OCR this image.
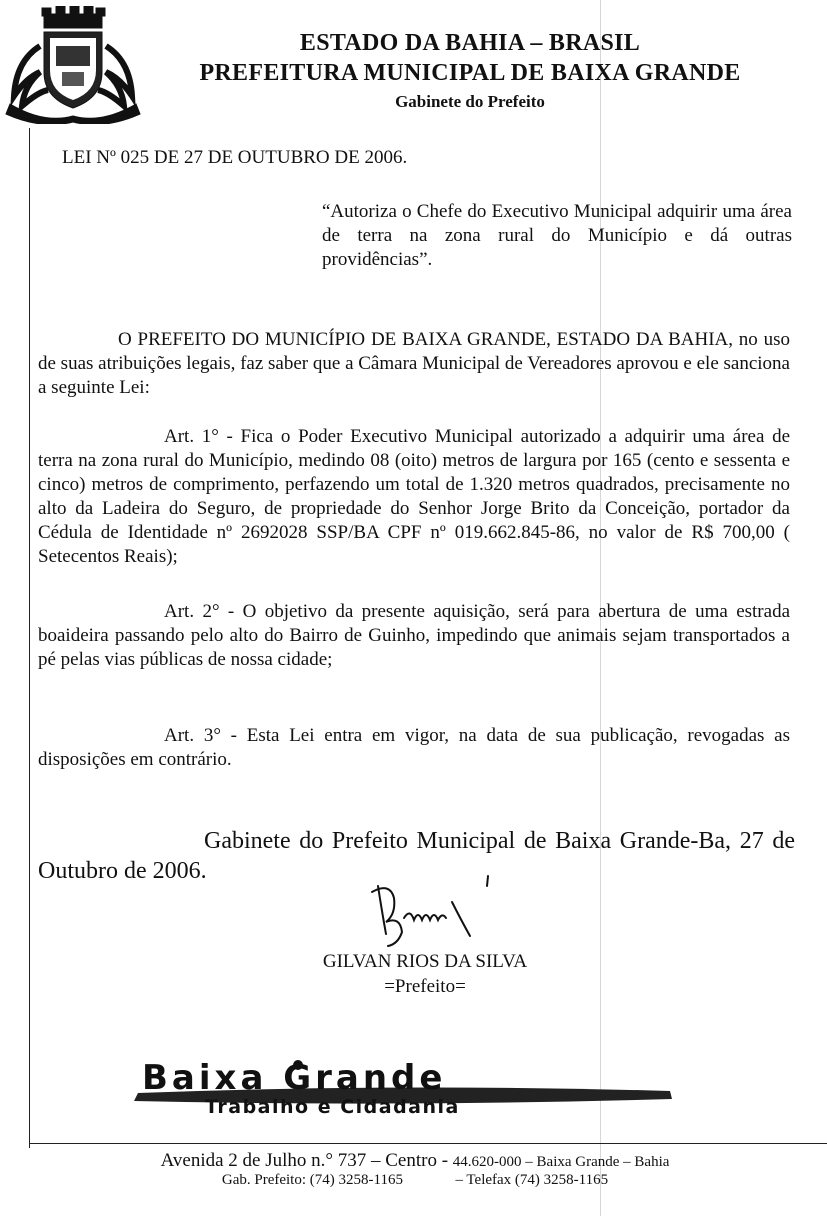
ESTADO DA BAHIA – BRASIL
PREFEITURA MUNICIPAL DE BAIXA GRANDE
Gabinete do Prefeito
LEI Nº 025 DE 27 DE OUTUBRO DE 2006.
“Autoriza o Chefe do Executivo Municipal adquirir uma área de terra na zona rural do Município e dá outras providências”.
O PREFEITO DO MUNICÍPIO DE BAIXA GRANDE, ESTADO DA BAHIA, no uso de suas atribuições legais, faz saber que a Câmara Municipal de Vereadores aprovou e ele sanciona a seguinte Lei:
Art. 1° - Fica o Poder Executivo Municipal autorizado a adquirir uma área de terra na zona rural do Município, medindo 08 (oito) metros de largura por 165 (cento e sessenta e cinco) metros de comprimento, perfazendo um total de 1.320 metros quadrados, precisamente no alto da Ladeira do Seguro, de propriedade do Senhor Jorge Brito da Conceição, portador da Cédula de Identidade nº 2692028 SSP/BA CPF nº 019.662.845-86, no valor de R$ 700,00 ( Setecentos Reais);
Art. 2° - O objetivo da presente aquisição, será para abertura de uma estrada boaideira passando pelo alto do Bairro de Guinho, impedindo que animais sejam transportados a pé pelas vias públicas de nossa cidade;
Art. 3° - Esta Lei entra em vigor, na data de sua publicação, revogadas as disposições em contrário.
Gabinete do Prefeito Municipal de Baixa Grande-Ba, 27 de Outubro de 2006.
GILVAN RIOS DA SILVA
=Prefeito=
Baixa Grande
Trabalho e Cidadania
Avenida 2 de Julho n.° 737 – Centro - 44.620-000 – Baixa Grande – Bahia
Gab. Prefeito: (74) 3258-1165	– Telefax (74) 3258-1165
